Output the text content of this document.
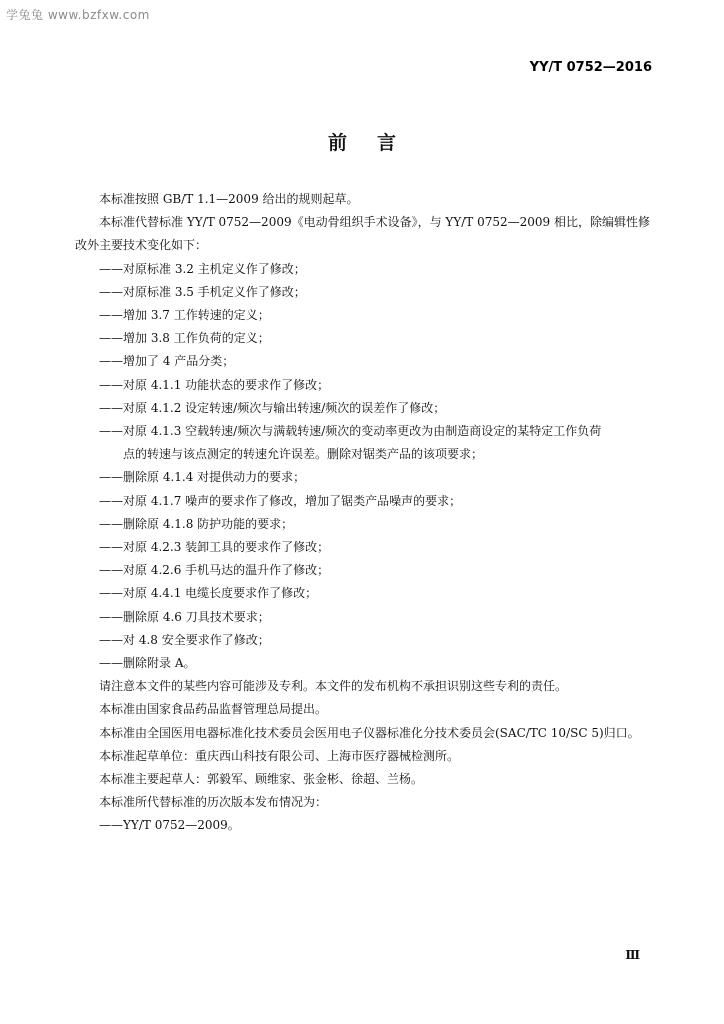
学兔兔 www.bzfxw.com
YY/T 0752—2016
前言

本标准按照 GB/T 1.1—2009 给出的规则起草。

本标准代替标准 YY/T 0752—2009《电动骨组织手术设备》，与 YY/T 0752—2009 相比，除编辑性修改外主要技术变化如下：

——对原标准 3.2 主机定义作了修改；

——对原标准 3.5 手机定义作了修改；

——增加 3.7 工作转速的定义；

——增加 3.8 工作负荷的定义；

——增加了 4 产品分类；

——对原 4.1.1 功能状态的要求作了修改；

——对原 4.1.2 设定转速/频次与输出转速/频次的误差作了修改；

——对原 4.1.3 空载转速/频次与满载转速/频次的变动率更改为由制造商设定的某特定工作负荷

点的转速与该点测定的转速允许误差。删除对锯类产品的该项要求；

——删除原 4.1.4 对提供动力的要求；

——对原 4.1.7 噪声的要求作了修改，增加了锯类产品噪声的要求；

——删除原 4.1.8 防护功能的要求；

——对原 4.2.3 装卸工具的要求作了修改；

——对原 4.2.6 手机马达的温升作了修改；

——对原 4.4.1 电缆长度要求作了修改；

——删除原 4.6 刀具技术要求；

——对 4.8 安全要求作了修改；

——删除附录 A。

请注意本文件的某些内容可能涉及专利。本文件的发布机构不承担识别这些专利的责任。

本标准由国家食品药品监督管理总局提出。

本标准由全国医用电器标准化技术委员会医用电子仪器标准化分技术委员会(SAC/TC 10/SC 5)归口。

本标准起草单位：重庆西山科技有限公司、上海市医疗器械检测所。

本标准主要起草人：郭毅军、顾维家、张金彬、徐超、兰杨。

本标准所代替标准的历次版本发布情况为：

——YY/T 0752—2009。

Ⅲ
